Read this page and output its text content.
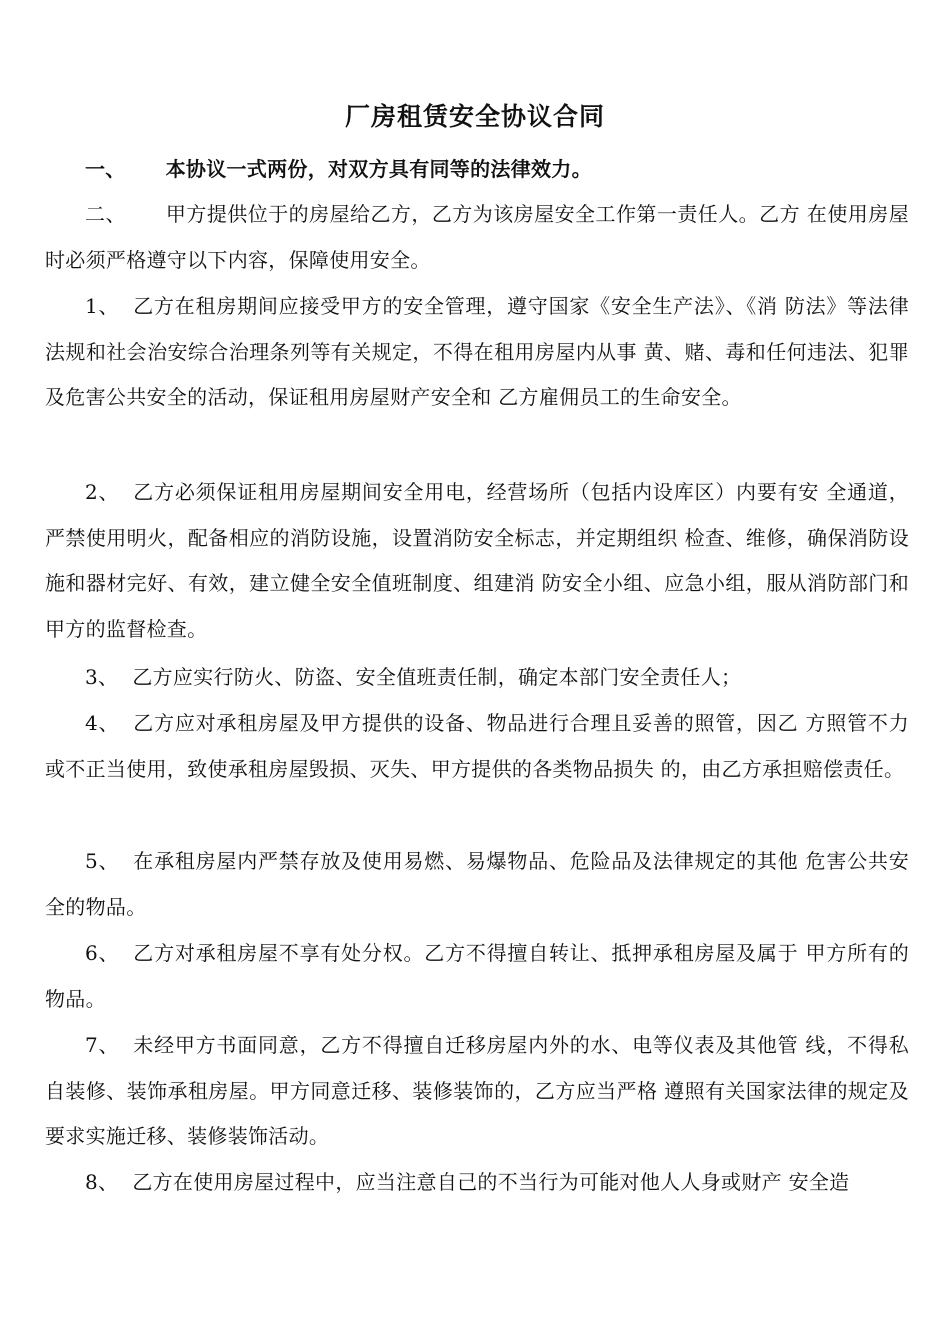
厂房租赁安全协议合同
一、 本协议一式两份，对双方具有同等的法律效力。
二、 甲方提供位于的房屋给乙方，乙方为该房屋安全工作第一责任人。乙方 在使用房屋时必须严格遵守以下内容，保障使用安全。
1、 乙方在租房期间应接受甲方的安全管理，遵守国家《安全生产法》、《消 防法》等法律法规和社会治安综合治理条列等有关规定，不得在租用房屋内从事 黄、赌、毒和任何违法、犯罪及危害公共安全的活动，保证租用房屋财产安全和 乙方雇佣员工的生命安全。
2、 乙方必须保证租用房屋期间安全用电，经营场所（包括内设库区）内要有安 全通道，严禁使用明火，配备相应的消防设施，设置消防安全标志，并定期组织 检查、维修，确保消防设施和器材完好、有效，建立健全安全值班制度、组建消 防安全小组、应急小组，服从消防部门和甲方的监督检查。
3、 乙方应实行防火、防盗、安全值班责任制，确定本部门安全责任人；
4、 乙方应对承租房屋及甲方提供的设备、物品进行合理且妥善的照管，因乙 方照管不力或不正当使用，致使承租房屋毁损、灭失、甲方提供的各类物品损失 的，由乙方承担赔偿责任。
5、 在承租房屋内严禁存放及使用易燃、易爆物品、危险品及法律规定的其他 危害公共安全的物品。
6、 乙方对承租房屋不享有处分权。乙方不得擅自转让、抵押承租房屋及属于 甲方所有的物品。
7、 未经甲方书面同意，乙方不得擅自迁移房屋内外的水、电等仪表及其他管 线，不得私自装修、装饰承租房屋。甲方同意迁移、装修装饰的，乙方应当严格 遵照有关国家法律的规定及要求实施迁移、装修装饰活动。
8、 乙方在使用房屋过程中，应当注意自己的不当行为可能对他人人身或财产 安全造
